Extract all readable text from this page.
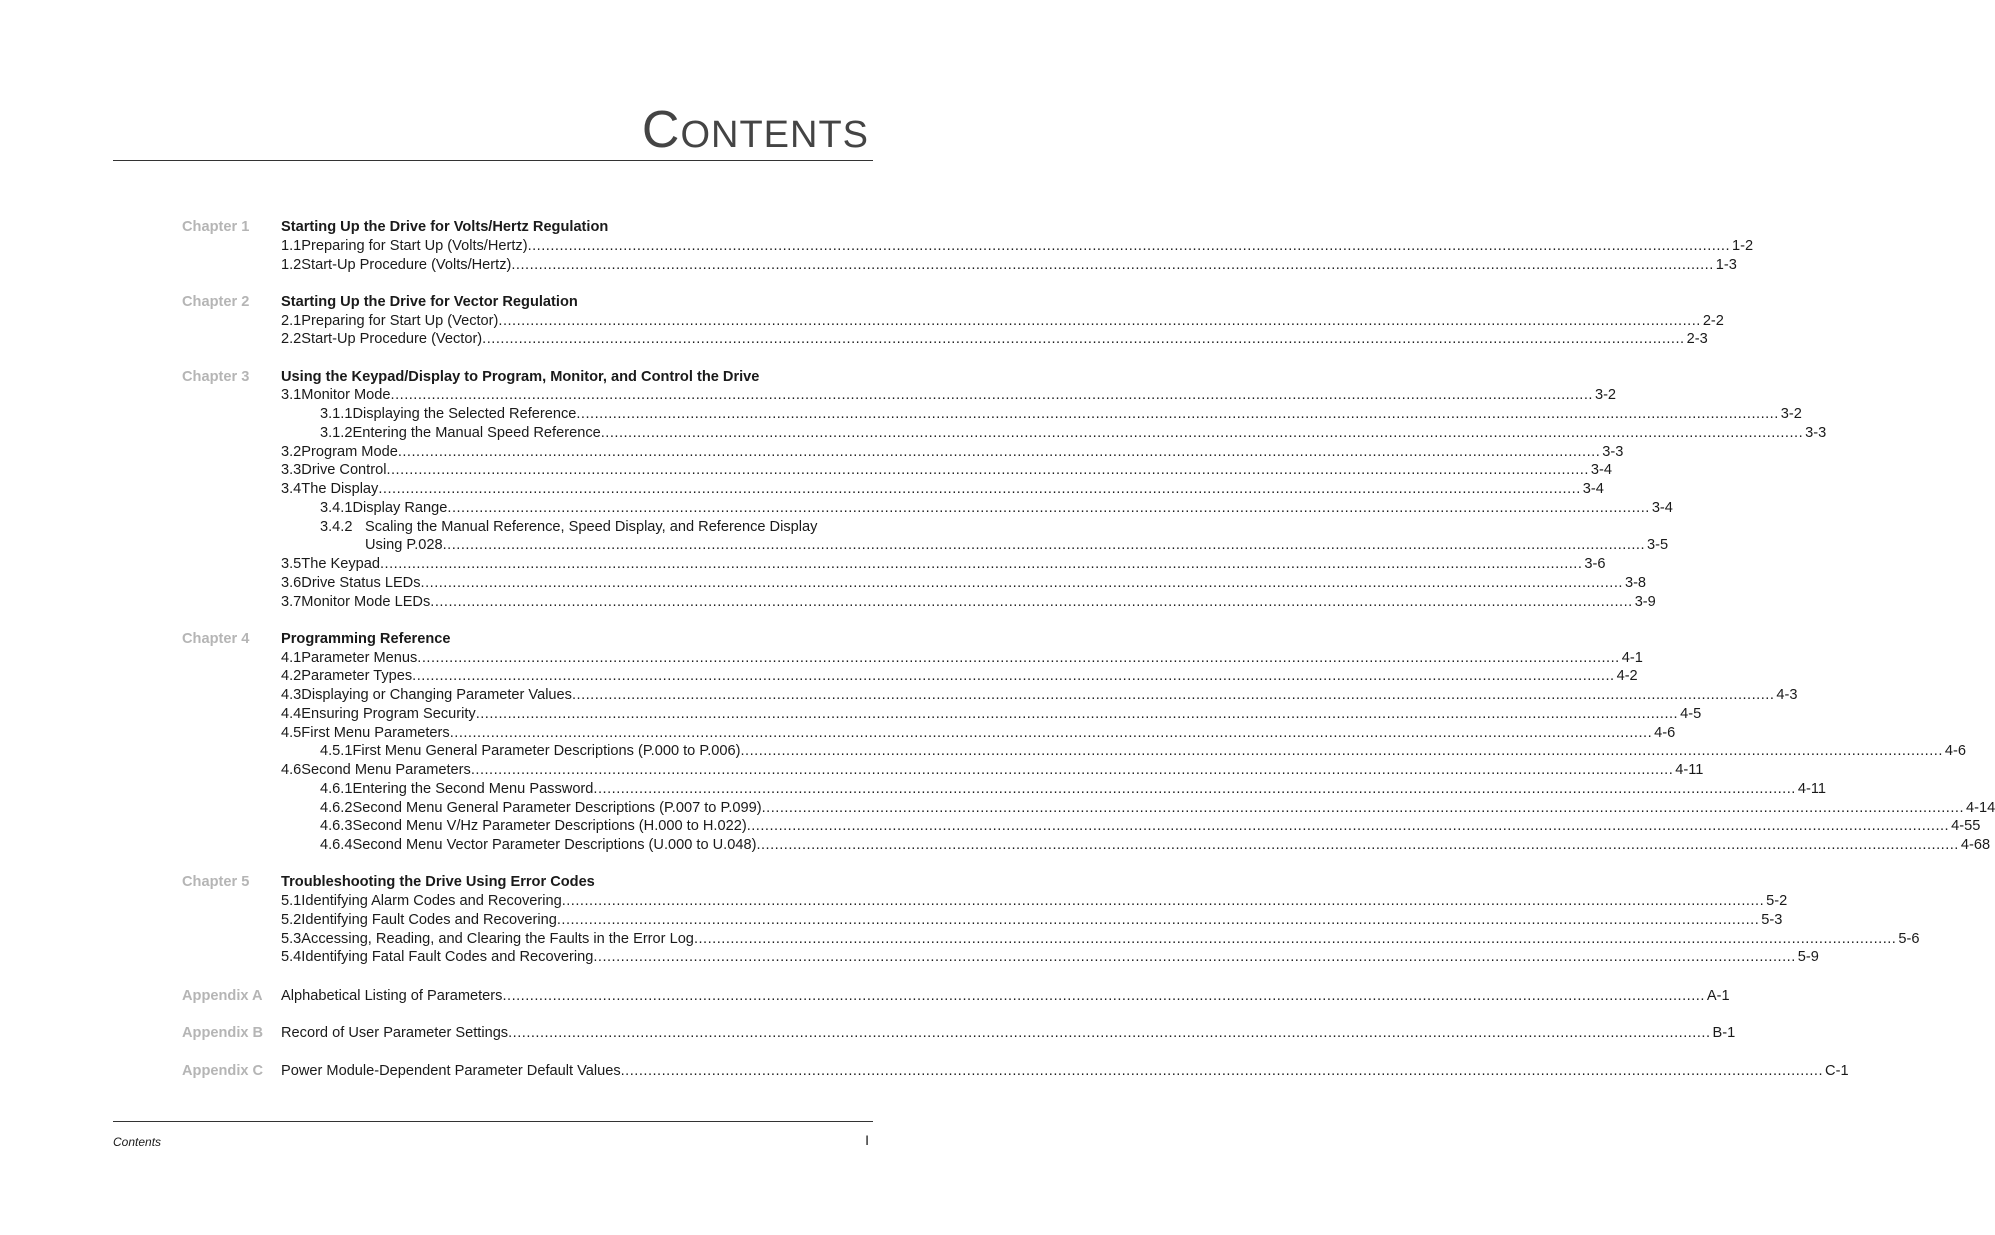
CONTENTS
Chapter 1 Starting Up the Drive for Volts/Hertz Regulation
1.1 Preparing for Start Up (Volts/Hertz) .....	1-2
1.2 Start-Up Procedure (Volts/Hertz) .....	1-3
Chapter 2 Starting Up the Drive for Vector Regulation
2.1 Preparing for Start Up (Vector) .....	2-2
2.2 Start-Up Procedure (Vector) .....	2-3
Chapter 3 Using the Keypad/Display to Program, Monitor, and Control the Drive
3.1 Monitor Mode .....	3-2
3.1.1 Displaying the Selected Reference .....	3-2
3.1.2 Entering the Manual Speed Reference .....	3-3
3.2 Program Mode .....	3-3
3.3 Drive Control .....	3-4
3.4 The Display .....	3-4
3.4.1 Display Range .....	3-4
3.4.2 Scaling the Manual Reference, Speed Display, and Reference Display
Using P.028 .....	3-5
3.5 The Keypad .....	3-6
3.6 Drive Status LEDs .....	3-8
3.7 Monitor Mode LEDs .....	3-9
Chapter 4 Programming Reference
4.1 Parameter Menus .....	4-1
4.2 Parameter Types .....	4-2
4.3 Displaying or Changing Parameter Values .....	4-3
4.4 Ensuring Program Security .....	4-5
4.5 First Menu Parameters .....	4-6
4.5.1 First Menu General Parameter Descriptions (P.000 to P.006) .....	4-6
4.6 Second Menu Parameters .....	4-11
4.6.1 Entering the Second Menu Password .....	4-11
4.6.2 Second Menu General Parameter Descriptions (P.007 to P.099) .....	4-14
4.6.3 Second Menu V/Hz Parameter Descriptions (H.000 to H.022) .....	4-55
4.6.4 Second Menu Vector Parameter Descriptions (U.000 to U.048) .....	4-68
Chapter 5 Troubleshooting the Drive Using Error Codes
5.1 Identifying Alarm Codes and Recovering .....	5-2
5.2 Identifying Fault Codes and Recovering .....	5-3
5.3 Accessing, Reading, and Clearing the Faults in the Error Log .....	5-6
5.4 Identifying Fatal Fault Codes and Recovering .....	5-9
Appendix A Alphabetical Listing of Parameters .....	A-1
Appendix B Record of User Parameter Settings .....	B-1
Appendix C Power Module-Dependent Parameter Default Values .....	C-1
Contents	I
